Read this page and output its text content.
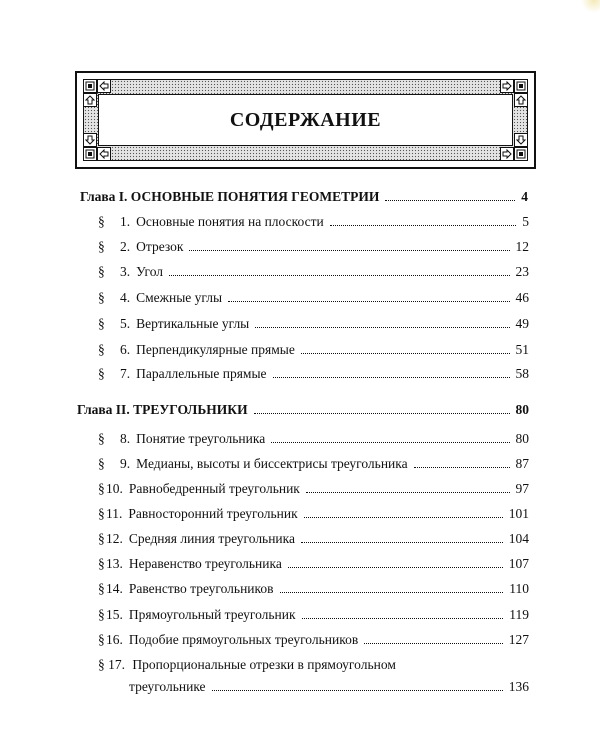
СОДЕРЖАНИЕ
Глава I. ОСНОВНЫЕ ПОНЯТИЯ ГЕОМЕТРИИ	4
§	1. Основные понятия на плоскости	5
§	2. Отрезок	12
§	3. Угол	23
§	4. Смежные углы	46
§	5. Вертикальные углы	49
§	6. Перпендикулярные прямые	51
§	7. Параллельные прямые	58
Глава II. ТРЕУГОЛЬНИКИ	80
§	8. Понятие треугольника	80
§	9. Медианы, высоты и биссектрисы треугольника	87
§ 10. Равнобедренный треугольник	97
§ 11. Равносторонний треугольник	101
§ 12. Средняя линия треугольника	104
§ 13. Неравенство треугольника	107
§ 14. Равенство треугольников	110
§ 15. Прямоугольный треугольник	119
§ 16. Подобие прямоугольных треугольников	127
§ 17. Пропорциональные отрезки в прямоугольном
треугольнике	136
